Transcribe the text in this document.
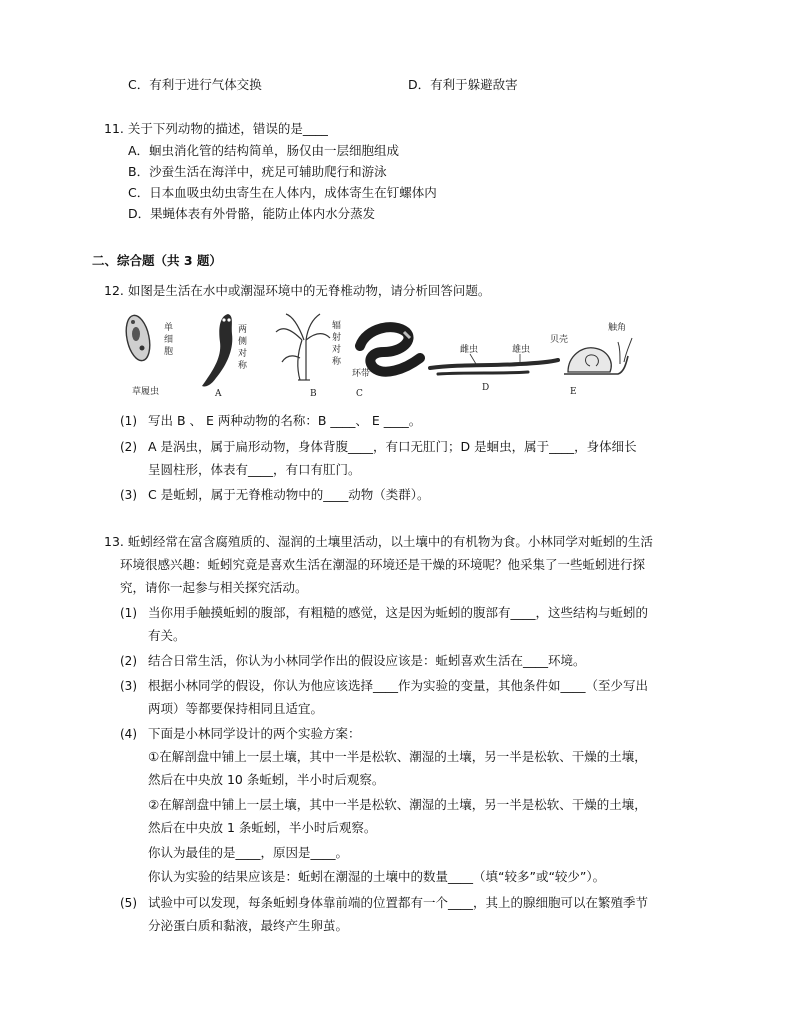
C．有利于进行气体交换	D．有利于躲避敌害
11. 关于下列动物的描述，错误的是____
A．蛔虫消化管的结构简单，肠仅由一层细胞组成
B．沙蚕生活在海洋中，疣足可辅助爬行和游泳
C．日本血吸虫幼虫寄生在人体内，成体寄生在钉螺体内
D．果蝇体表有外骨骼，能防止体内水分蒸发
二、综合题（共 3 题）
12. 如图是生活在水中或潮湿环境中的无脊椎动物，请分析回答问题。
单
细
胞
草履虫
两
侧
对
称
A
辐
射
对
称
B
环带
C
雌虫	雄虫
D
贝壳
触角
E
(1) 写出 B 、 E 两种动物的名称：B ____、 E ____。
(2) A 是涡虫，属于扁形动物，身体背腹____，有口无肛门；D 是蛔虫，属于____，身体细长
呈圆柱形，体表有____，有口有肛门。
(3) C 是蚯蚓，属于无脊椎动物中的____动物（类群）。
13. 蚯蚓经常在富含腐殖质的、湿润的土壤里活动，以土壤中的有机物为食。小林同学对蚯蚓的生活
环境很感兴趣：蚯蚓究竟是喜欢生活在潮湿的环境还是干燥的环境呢？他采集了一些蚯蚓进行探
究，请你一起参与相关探究活动。
(1) 当你用手触摸蚯蚓的腹部，有粗糙的感觉，这是因为蚯蚓的腹部有____，这些结构与蚯蚓的
有关。
(2) 结合日常生活，你认为小林同学作出的假设应该是：蚯蚓喜欢生活在____环境。
(3) 根据小林同学的假设，你认为他应该选择____作为实验的变量，其他条件如____（至少写出
两项）等都要保持相同且适宜。
(4) 下面是小林同学设计的两个实验方案：
①在解剖盘中铺上一层土壤，其中一半是松软、潮湿的土壤，另一半是松软、干燥的土壤，
然后在中央放 10 条蚯蚓，半小时后观察。
②在解剖盘中铺上一层土壤，其中一半是松软、潮湿的土壤，另一半是松软、干燥的土壤，
然后在中央放 1 条蚯蚓，半小时后观察。
你认为最佳的是____，原因是____。
你认为实验的结果应该是：蚯蚓在潮湿的土壤中的数量____（填“较多”或“较少”）。
(5) 试验中可以发现，每条蚯蚓身体靠前端的位置都有一个____，其上的腺细胞可以在繁殖季节
分泌蛋白质和黏液，最终产生卵茧。
